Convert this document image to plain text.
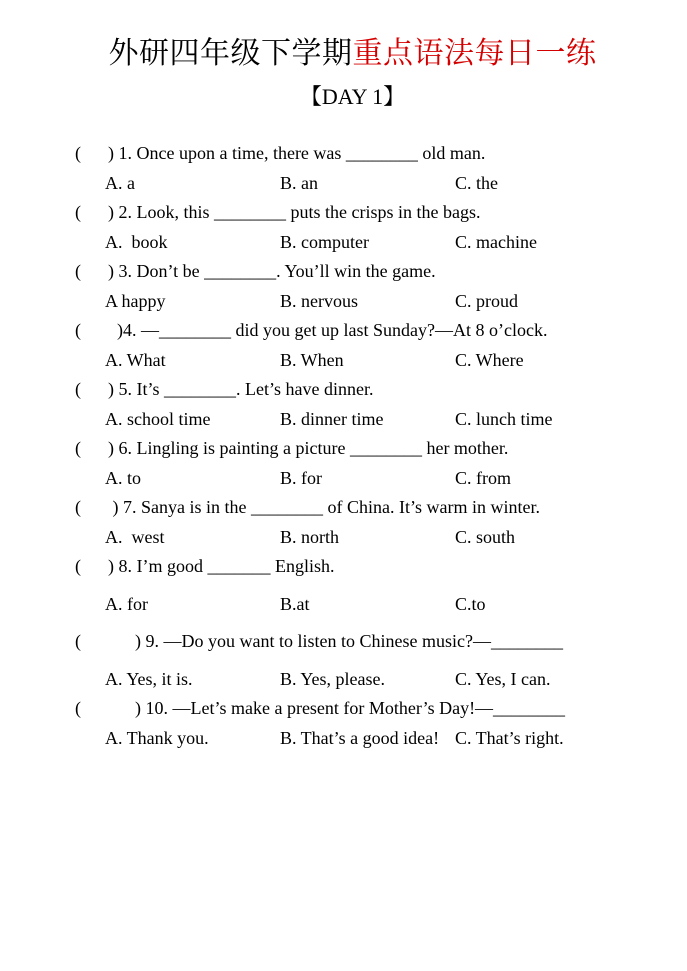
外研四年级下学期重点语法每日一练
【DAY 1】

(      ) 1. Once upon a time, there was ________ old man.

A. a	B. an	C. the

(      ) 2. Look, this ________ puts the crisps in the bags.

A.  book	B. computer	C. machine

(      ) 3. Don’t be ________. You’ll win the game.

A happy	B. nervous	C. proud

(        )4. —________ did you get up last Sunday?—At 8 o’clock.

A. What	B. When	C. Where

(      ) 5. It’s ________. Let’s have dinner.

A. school time	B. dinner time	C. lunch time

(      ) 6. Lingling is painting a picture ________ her mother.

A. to	B. for	C. from

(       ) 7. Sanya is in the ________ of China. It’s warm in winter.

A.  west	B. north	C. south

(      ) 8. I’m good _______ English.

A. for	B.at	C.to

(            ) 9. —Do you want to listen to Chinese music?—________

A. Yes, it is.	B. Yes, please.	C. Yes, I can.

(            ) 10. —Let’s make a present for Mother’s Day!—________

A. Thank you.	B. That’s a good idea! C. That’s right.
